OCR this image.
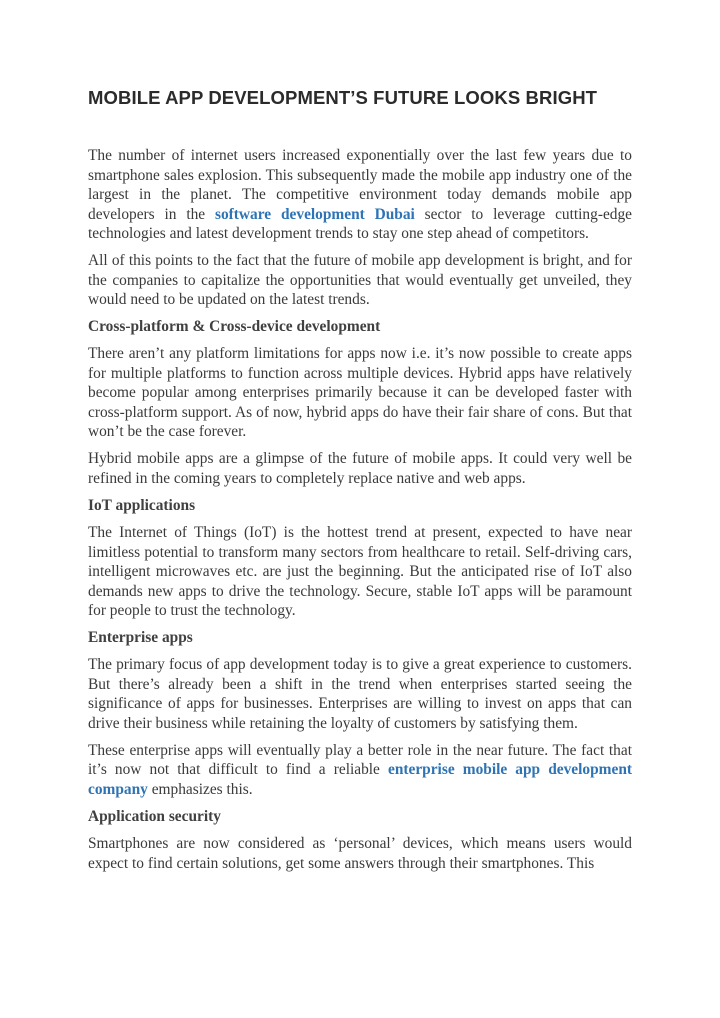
MOBILE APP DEVELOPMENT’S FUTURE LOOKS BRIGHT

The number of internet users increased exponentially over the last few years due to smartphone sales explosion. This subsequently made the mobile app industry one of the largest in the planet. The competitive environment today demands mobile app developers in the software development Dubai sector to leverage cutting-edge technologies and latest development trends to stay one step ahead of competitors.

All of this points to the fact that the future of mobile app development is bright, and for the companies to capitalize the opportunities that would eventually get unveiled, they would need to be updated on the latest trends.

Cross-platform & Cross-device development

There aren’t any platform limitations for apps now i.e. it’s now possible to create apps for multiple platforms to function across multiple devices. Hybrid apps have relatively become popular among enterprises primarily because it can be developed faster with cross-platform support. As of now, hybrid apps do have their fair share of cons. But that won’t be the case forever.

Hybrid mobile apps are a glimpse of the future of mobile apps. It could very well be refined in the coming years to completely replace native and web apps.

IoT applications

The Internet of Things (IoT) is the hottest trend at present, expected to have near limitless potential to transform many sectors from healthcare to retail. Self-driving cars, intelligent microwaves etc. are just the beginning. But the anticipated rise of IoT also demands new apps to drive the technology. Secure, stable IoT apps will be paramount for people to trust the technology.

Enterprise apps

The primary focus of app development today is to give a great experience to customers. But there’s already been a shift in the trend when enterprises started seeing the significance of apps for businesses. Enterprises are willing to invest on apps that can drive their business while retaining the loyalty of customers by satisfying them.

These enterprise apps will eventually play a better role in the near future. The fact that it’s now not that difficult to find a reliable enterprise mobile app development company emphasizes this.

Application security

Smartphones are now considered as ‘personal’ devices, which means users would expect to find certain solutions, get some answers through their smartphones. This
